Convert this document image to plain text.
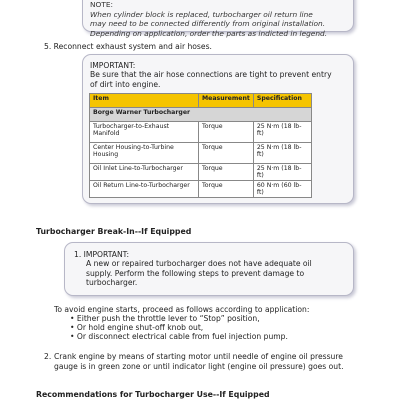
NOTE:
When cylinder block is replaced, turbocharger oil return line
may need to be connected differently from original installation.
Depending on application, order the parts as indicted in legend.
5. Reconnect exhaust system and air hoses.
IMPORTANT:
Be sure that the air hose connections are tight to prevent entry
of dirt into engine.
Item	Measurement	Specification
Borge Warner Turbocharger		
Turbocharger-to-Exhaust Manifold	Torque	25 N·m (18 lb-ft)
Center Housing-to-Turbine Housing	Torque	25 N·m (18 lb-ft)
Oil Inlet Line-to-Turbocharger	Torque	25 N·m (18 lb-ft)
Oil Return Line-to-Turbocharger	Torque	60 N·m (60 lb-ft)
Turbocharger Break-In--If Equipped
1. IMPORTANT:
A new or repaired turbocharger does not have adequate oil
supply. Perform the following steps to prevent damage to
turbocharger.
To avoid engine starts, proceed as follows according to application:
• Either push the throttle lever to “Stop” position,
• Or hold engine shut-off knob out,
• Or disconnect electrical cable from fuel injection pump.
2. Crank engine by means of starting motor until needle of engine oil pressure
gauge is in green zone or until indicator light (engine oil pressure) goes out.
Recommendations for Turbocharger Use--If Equipped
